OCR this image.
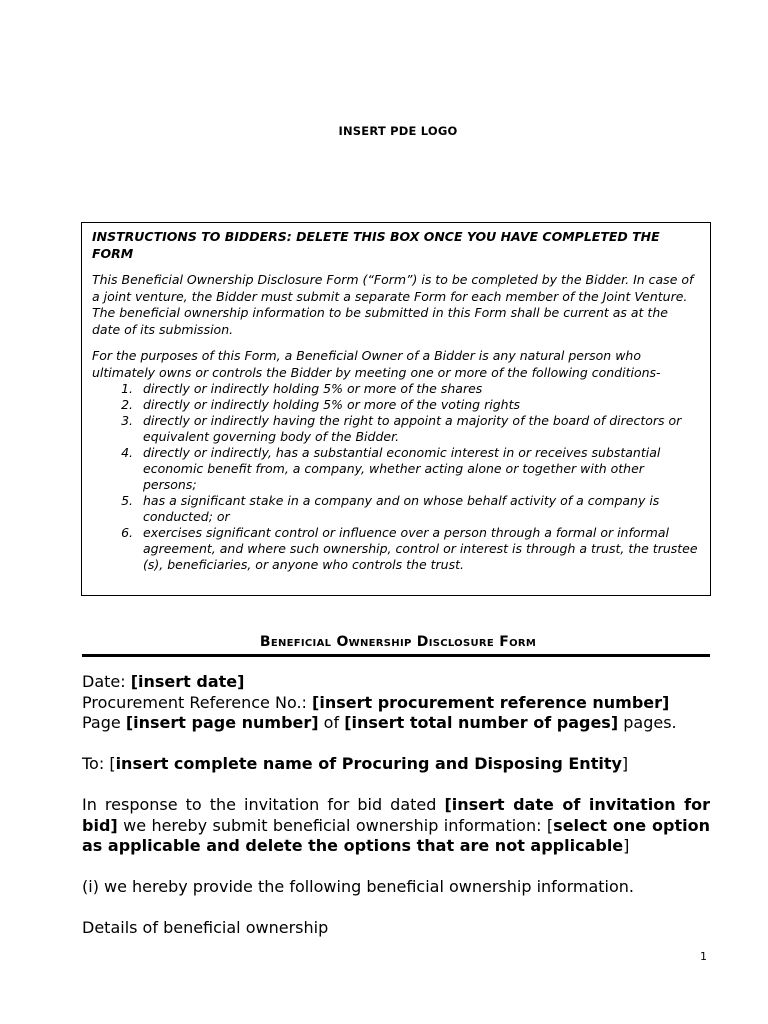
INSERT PDE LOGO

INSTRUCTIONS TO BIDDERS: DELETE THIS BOX ONCE YOU HAVE COMPLETED THE FORM

This Beneficial Ownership Disclosure Form (“Form”) is to be completed by the Bidder. In case of a joint venture, the Bidder must submit a separate Form for each member of the Joint Venture. The beneficial ownership information to be submitted in this Form shall be current as at the date of its submission.

For the purposes of this Form, a Beneficial Owner of a Bidder is any natural person who ultimately owns or controls the Bidder by meeting one or more of the following conditions-

1. directly or indirectly holding 5% or more of the shares
2. directly or indirectly holding 5% or more of the voting rights
3. directly or indirectly having the right to appoint a majority of the board of directors or equivalent governing body of the Bidder.
4. directly or indirectly, has a substantial economic interest in or receives substantial economic benefit from, a company, whether acting alone or together with other persons;
5. has a significant stake in a company and on whose behalf activity of a company is conducted; or
6. exercises significant control or influence over a person through a formal or informal agreement, and where such ownership, control or interest is through a trust, the trustee (s), beneficiaries, or anyone who controls the trust.
Beneficial Ownership Disclosure Form
Date: [insert date]
Procurement Reference No.: [insert procurement reference number]
Page [insert page number] of [insert total number of pages] pages.
To: [insert complete name of Procuring and Disposing Entity]
In response to the invitation for bid dated [insert date of invitation for bid] we hereby submit beneficial ownership information: [select one option as applicable and delete the options that are not applicable]
(i) we hereby provide the following beneficial ownership information.
Details of beneficial ownership
1
